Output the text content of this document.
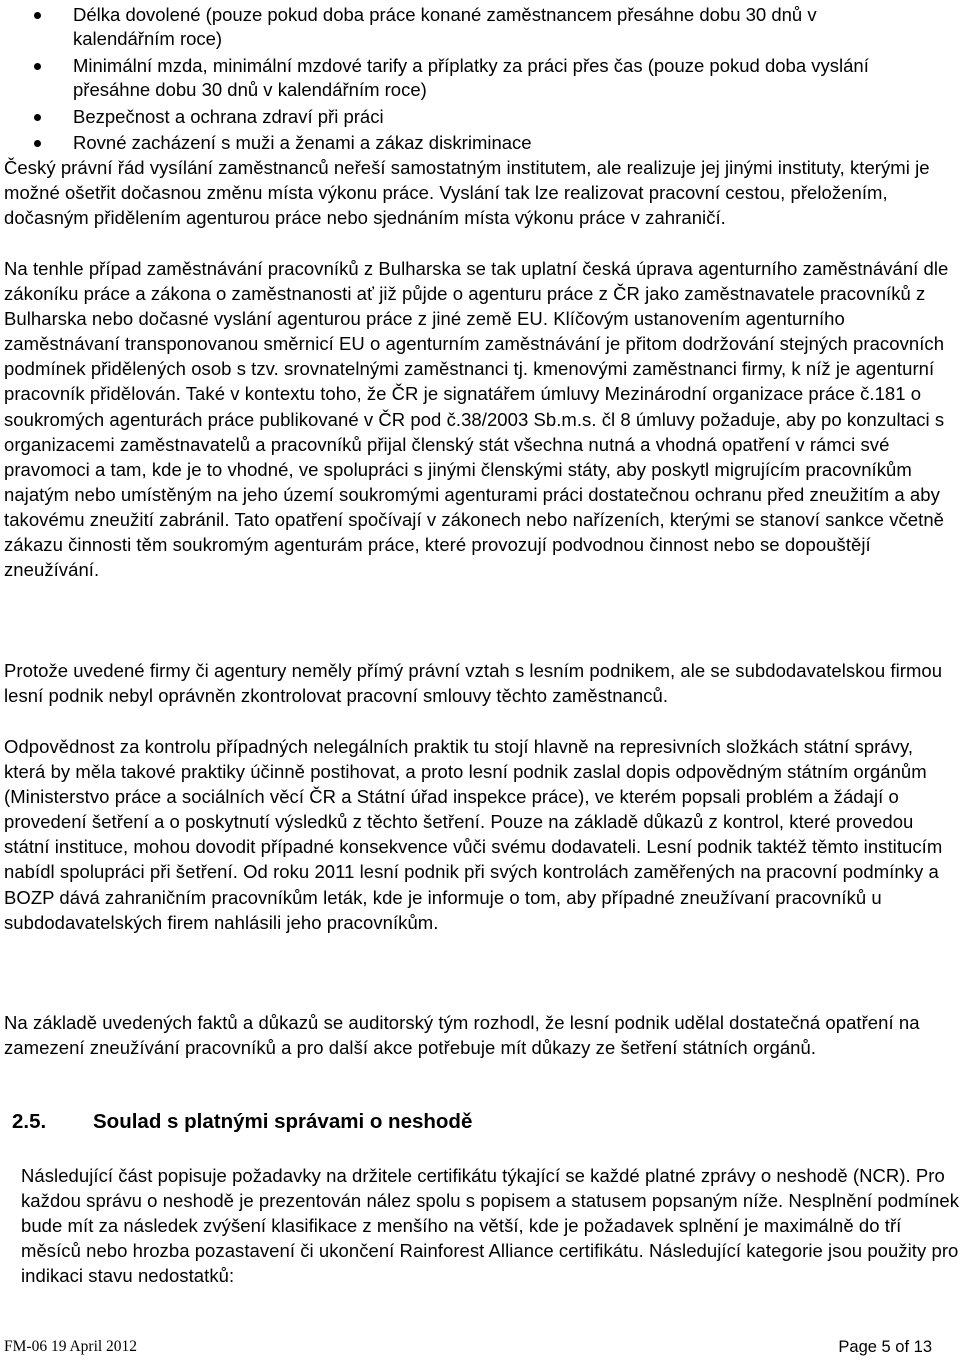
Délka dovolené (pouze pokud doba práce konané zaměstnancem přesáhne dobu 30 dnů v kalendářním roce)
Minimální mzda, minimální mzdové tarify a příplatky za práci přes čas (pouze pokud doba vyslání přesáhne dobu 30 dnů v kalendářním roce)
Bezpečnost a ochrana zdraví při práci
Rovné zacházení s muži a ženami a zákaz diskriminace

Český právní řád vysílání zaměstnanců neřeší samostatným institutem, ale realizuje jej jinými instituty, kterými je možné ošetřit dočasnou změnu místa výkonu práce. Vyslání tak lze realizovat pracovní cestou, přeložením, dočasným přidělením agenturou práce nebo sjednáním místa výkonu práce v zahraničí.

Na tenhle případ zaměstnávání pracovníků z Bulharska se tak uplatní česká úprava agenturního zaměstnávání dle zákoníku práce a zákona o zaměstnanosti ať již půjde o agenturu práce z ČR jako zaměstnavatele pracovníků z Bulharska nebo dočasné vyslání agenturou práce z jiné země EU. Klíčovým ustanovením agenturního zaměstnávaní transponovanou směrnicí EU o agenturním zaměstnávání je přitom dodržování stejných pracovních podmínek přidělených osob s tzv. srovnatelnými zaměstnanci tj. kmenovými zaměstnanci firmy, k níž je agenturní pracovník přidělován. Také v kontextu toho, že ČR je signatářem úmluvy Mezinárodní organizace práce č.181 o soukromých agenturách práce publikované v ČR pod č.38/2003 Sb.m.s. čl 8 úmluvy požaduje, aby po konzultaci s organizacemi zaměstnavatelů a pracovníků přijal členský stát všechna nutná a vhodná opatření v rámci své pravomoci a tam, kde je to vhodné, ve spolupráci s jinými členskými státy, aby poskytl migrujícím pracovníkům najatým nebo umístěným na jeho území soukromými agenturami práci dostatečnou ochranu před zneužitím a aby takovému zneužití zabránil. Tato opatření spočívají v zákonech nebo nařízeních, kterými se stanoví sankce včetně zákazu činnosti těm soukromým agenturám práce, které provozují podvodnou činnost nebo se dopouštějí zneužívání.

Protože uvedené firmy či agentury neměly přímý právní vztah s lesním podnikem, ale se subdodavatelskou firmou lesní podnik nebyl oprávněn zkontrolovat pracovní smlouvy těchto zaměstnanců.

Odpovědnost za kontrolu případných nelegálních praktik tu stojí hlavně na represivních složkách státní správy, která by měla takové praktiky účinně postihovat, a proto lesní podnik zaslal dopis odpovědným státním orgánům (Ministerstvo práce a sociálních věcí ČR a Státní úřad inspekce práce), ve kterém popsali problém a žádají o provedení šetření a o poskytnutí výsledků z těchto šetření. Pouze na základě důkazů z kontrol, které provedou státní instituce, mohou dovodit případné konsekvence vůči svému dodavateli. Lesní podnik taktéž těmto institucím nabídl spolupráci při šetření. Od roku 2011 lesní podnik při svých kontrolách zaměřených na pracovní podmínky a BOZP dává zahraničním pracovníkům leták, kde je informuje o tom, aby případné zneužívaní pracovníků u subdodavatelských firem nahlásili jeho pracovníkům.

Na základě uvedených faktů a důkazů se auditorský tým rozhodl, že lesní podnik udělal dostatečná opatření na zamezení zneužívání pracovníků a pro další akce potřebuje mít důkazy ze šetření státních orgánů.

2.5. Soulad s platnými správami o neshodě

Následující část popisuje požadavky na držitele certifikátu týkající se každé platné zprávy o neshodě (NCR). Pro každou správu o neshodě je prezentován nález spolu s popisem a statusem popsaným níže. Nesplnění podmínek bude mít za následek zvýšení klasifikace z menšího na větší, kde je požadavek splnění je maximálně do tří měsíců nebo hrozba pozastavení či ukončení Rainforest Alliance certifikátu. Následující kategorie jsou použity pro indikaci stavu nedostatků:

FM-06 19 April 2012	Page 5 of 13
